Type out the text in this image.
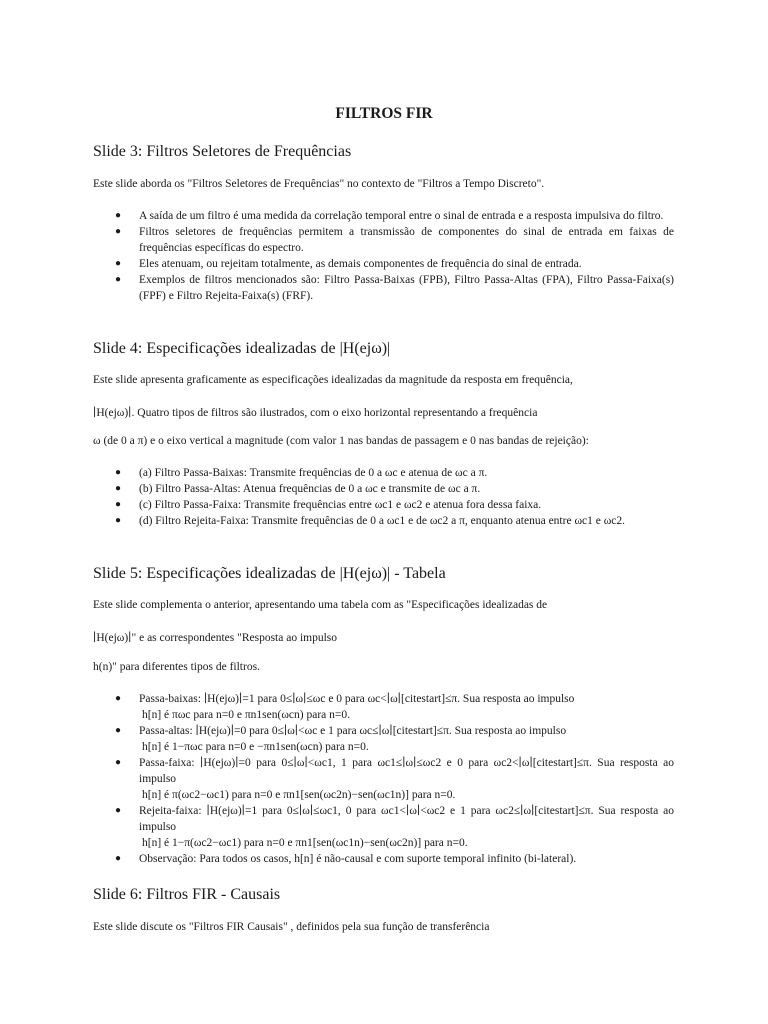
FILTROS FIR
Slide 3: Filtros Seletores de Frequências
Este slide aborda os "Filtros Seletores de Frequências" no contexto de "Filtros a Tempo Discreto".
● A saída de um filtro é uma medida da correlação temporal entre o sinal de entrada e a resposta impulsiva do filtro.
● Filtros seletores de frequências permitem a transmissão de componentes do sinal de entrada em faixas de frequências específicas do espectro.
● Eles atenuam, ou rejeitam totalmente, as demais componentes de frequência do sinal de entrada.
● Exemplos de filtros mencionados são: Filtro Passa-Baixas (FPB), Filtro Passa-Altas (FPA), Filtro Passa-Faixa(s) (FPF) e Filtro Rejeita-Faixa(s) (FRF).
Slide 4: Especificações idealizadas de |H(ejω)|
Este slide apresenta graficamente as especificações idealizadas da magnitude da resposta em frequência,
∣H(ejω)∣. Quatro tipos de filtros são ilustrados, com o eixo horizontal representando a frequência
ω (de 0 a π) e o eixo vertical a magnitude (com valor 1 nas bandas de passagem e 0 nas bandas de rejeição):
● (a) Filtro Passa-Baixas: Transmite frequências de 0 a ωc e atenua de ωc a π.
● (b) Filtro Passa-Altas: Atenua frequências de 0 a ωc e transmite de ωc a π.
● (c) Filtro Passa-Faixa: Transmite frequências entre ωc1 e ωc2 e atenua fora dessa faixa.
● (d) Filtro Rejeita-Faixa: Transmite frequências de 0 a ωc1 e de ωc2 a π, enquanto atenua entre ωc1 e ωc2.
Slide 5: Especificações idealizadas de |H(ejω)| - Tabela
Este slide complementa o anterior, apresentando uma tabela com as "Especificações idealizadas de
∣H(ejω)∣" e as correspondentes "Resposta ao impulso
h(n)" para diferentes tipos de filtros.
● Passa-baixas: ∣H(ejω)∣=1 para 0≤∣ω∣≤ωc e 0 para ωc<∣ω∣[citestart]≤π. Sua resposta ao impulso
h[n] é πωc para n=0 e πn1sen(ωcn) para n=0.
● Passa-altas: ∣H(ejω)∣=0 para 0≤∣ω∣<ωc e 1 para ωc≤∣ω∣[citestart]≤π. Sua resposta ao impulso
h[n] é 1−πωc para n=0 e −πn1sen(ωcn) para n=0.
● Passa-faixa: ∣H(ejω)∣=0 para 0≤∣ω∣<ωc1, 1 para ωc1≤∣ω∣≤ωc2 e 0 para ωc2<∣ω∣[citestart]≤π. Sua resposta ao impulso
h[n] é π(ωc2−ωc1) para n=0 e πn1[sen(ωc2n)−sen(ωc1n)] para n=0.
● Rejeita-faixa: ∣H(ejω)∣=1 para 0≤∣ω∣≤ωc1, 0 para ωc1<∣ω∣<ωc2 e 1 para ωc2≤∣ω∣[citestart]≤π. Sua resposta ao impulso
h[n] é 1−π(ωc2−ωc1) para n=0 e πn1[sen(ωc1n)−sen(ωc2n)] para n=0.
● Observação: Para todos os casos, h[n] é não-causal e com suporte temporal infinito (bi-lateral).
Slide 6: Filtros FIR - Causais
Este slide discute os "Filtros FIR Causais" , definidos pela sua função de transferência
